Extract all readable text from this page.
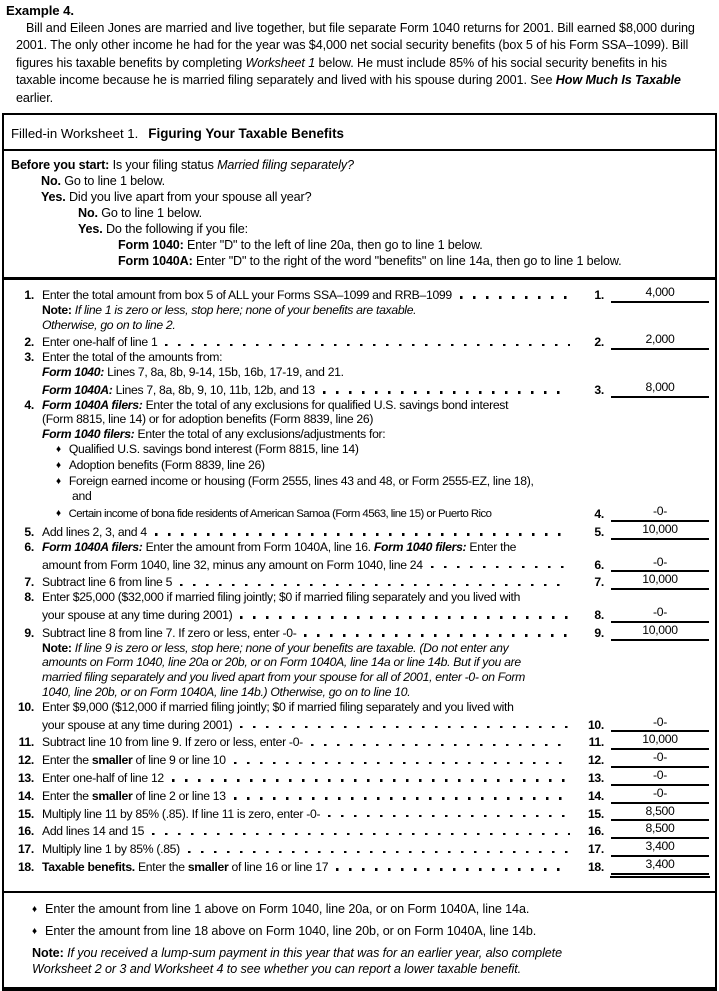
Example 4.

Bill and Eileen Jones are married and live together, but file separate Form 1040 returns for 2001. Bill earned $8,000 during 2001. The only other income he had for the year was $4,000 net social security benefits (box 5 of his Form SSA–1099). Bill figures his taxable benefits by completing Worksheet 1 below. He must include 85% of his social security benefits in his taxable income because he is married filing separately and lived with his spouse during 2001. See How Much Is Taxable earlier.

Filled-in Worksheet 1. Figuring Your Taxable Benefits
Before you start: Is your filing status Married filing separately?
No. Go to line 1 below.
Yes. Did you live apart from your spouse all year?
No. Go to line 1 below.
Yes. Do the following if you file:
Form 1040: Enter "D" to the left of line 20a, then go to line 1 below.
Form 1040A: Enter "D" to the right of the word "benefits" on line 14a, then go to line 1 below.
1. Enter the total amount from box 5 of ALL your Forms SSA–1099 and RRB–1099	1.	4,000
Note: If line 1 is zero or less, stop here; none of your benefits are taxable.
Otherwise, go on to line 2.
2. Enter one-half of line 1	2.	2,000
3. Enter the total of the amounts from:
Form 1040: Lines 7, 8a, 8b, 9-14, 15b, 16b, 17-19, and 21.
Form 1040A: Lines 7, 8a, 8b, 9, 10, 11b, 12b, and 13	3.	8,000
4. Form 1040A filers: Enter the total of any exclusions for qualified U.S. savings bond interest
(Form 8815, line 14) or for adoption benefits (Form 8839, line 26)
Form 1040 filers: Enter the total of any exclusions/adjustments for:
♦ Qualified U.S. savings bond interest (Form 8815, line 14)
♦ Adoption benefits (Form 8839, line 26)
♦ Foreign earned income or housing (Form 2555, lines 43 and 48, or Form 2555-EZ, line 18),
and
♦ Certain income of bona fide residents of American Samoa (Form 4563, line 15) or Puerto Rico	4.	-0-
5. Add lines 2, 3, and 4	5.	10,000
6. Form 1040A filers: Enter the amount from Form 1040A, line 16. Form 1040 filers: Enter the
amount from Form 1040, line 32, minus any amount on Form 1040, line 24	6.	-0-
7. Subtract line 6 from line 5	7.	10,000
8. Enter $25,000 ($32,000 if married filing jointly; $0 if married filing separately and you lived with
your spouse at any time during 2001)	8.	-0-
9. Subtract line 8 from line 7. If zero or less, enter -0-	9.	10,000
Note: If line 9 is zero or less, stop here; none of your benefits are taxable. (Do not enter any
amounts on Form 1040, line 20a or 20b, or on Form 1040A, line 14a or line 14b. But if you are
married filing separately and you lived apart from your spouse for all of 2001, enter -0- on Form
1040, line 20b, or on Form 1040A, line 14b.) Otherwise, go on to line 10.
10. Enter $9,000 ($12,000 if married filing jointly; $0 if married filing separately and you lived with
your spouse at any time during 2001)	10.	-0-
11. Subtract line 10 from line 9. If zero or less, enter -0-	11.	10,000
12. Enter the smaller of line 9 or line 10	12.	-0-
13. Enter one-half of line 12	13.	-0-
14. Enter the smaller of line 2 or line 13	14.	-0-
15. Multiply line 11 by 85% (.85). If line 11 is zero, enter -0-	15.	8,500
16. Add lines 14 and 15	16.	8,500
17. Multiply line 1 by 85% (.85)	17.	3,400
18. Taxable benefits. Enter the smaller of line 16 or line 17	18.	3,400
♦ Enter the amount from line 1 above on Form 1040, line 20a, or on Form 1040A, line 14a.
♦ Enter the amount from line 18 above on Form 1040, line 20b, or on Form 1040A, line 14b.
Note: If you received a lump-sum payment in this year that was for an earlier year, also complete
Worksheet 2 or 3 and Worksheet 4 to see whether you can report a lower taxable benefit.
